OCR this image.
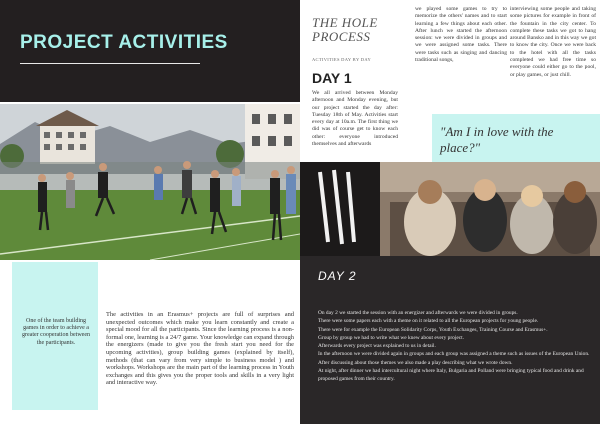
PROJECT ACTIVITIES
One of the team building games in order to achieve a greater cooperation between the participants.
The activities in an Erasmus+ projects are full of surprises and unexpected outcomes which make you learn constantly and create a special mood for all the participants. Since the learning process is a non-formal one, learning is a 24/7 game. Your knowledge can expand through the energizers (made to give you the fresh start you need for the upcoming activities), group building games (explained by itself), methods (that can vary from very simple to business model ) and workshops. Workshops are the main part of the learning process in Youth exchanges and this gives you the proper tools and skills in a very light and interactive way.
THE HOLE PROCESS
ACTIVITIES DAY BY DAY
DAY 1
We all arrived between Monday afternoon and Monday evening, but our project started the day after: Tuesday 18th of May. Activities start every day at 10a.m. The first thing we did was of course get to know each other: everyone introduced themselves and afterwards
we played some games to try to memorize the others' names and to start learning a few things about each other. After lunch we started the afternoon session: we were divided in groups and we were assigned some tasks. There were tasks such as singing and dancing traditional songs,
interviewing some people and taking some pictures for example in front of the fountain in the city center. To complete these tasks we got to hang around Bansko and in this way we got to know the city. Once we were back to the hotel with all the tasks completed we had free time so everyone could either go to the pool, or play games, or just chill.
"Am I in love with the place?"
DAY 2

On day 2 we started the session with an energizer and afterwards we were divided in groups.

There were some papers each with a theme on it related to all the European projects for young people.

There were for example the European Solidarity Corps, Youth Exchanges, Training Course and Erasmus+.

Group by group we had to write what we knew about every project.

Afterwards every project was explained to us in detail.

In the afternoon we were divided again in groups and each group was assigned a theme such as issues of the European Union. After discussing about those themes we also made a play describing what we wrote down.

At night, after dinner we had intercultural night where Italy, Bulgaria and Polland were bringing typical food and drink and proposed games from their country.
